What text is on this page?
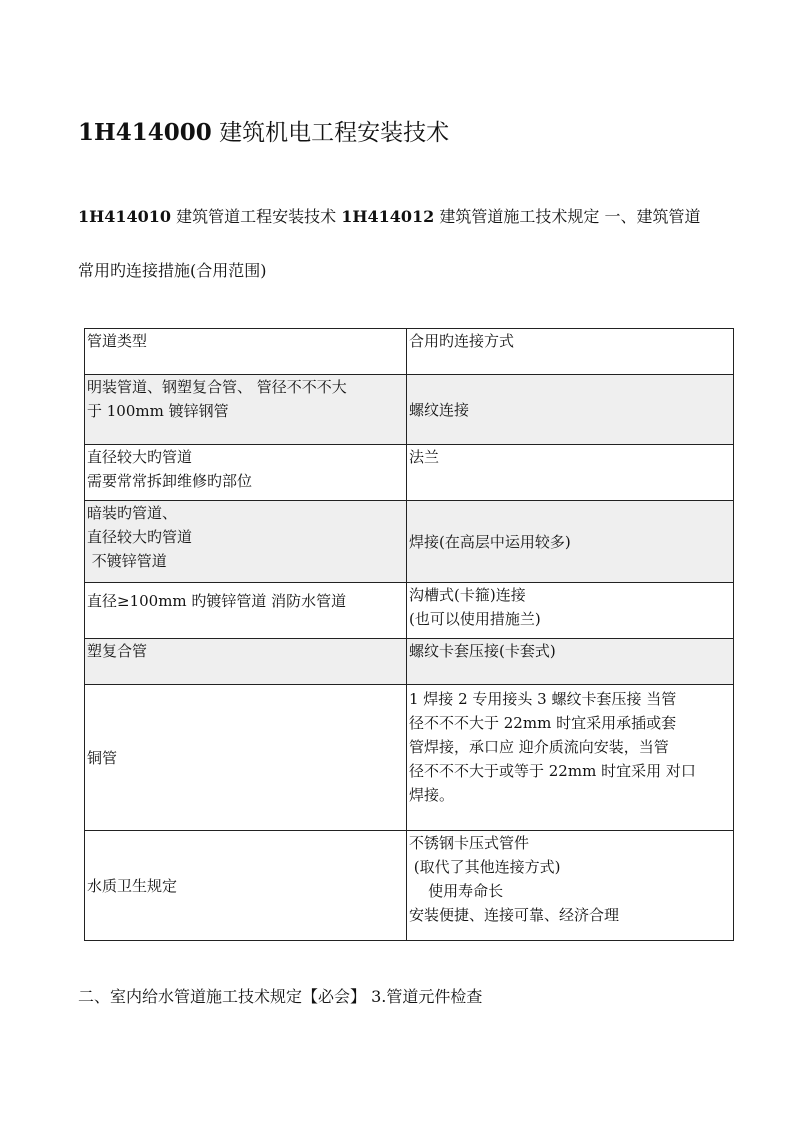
1H414000 建筑机电工程安装技术
1H414010 建筑管道工程安装技术 1H414012 建筑管道施工技术规定 一、建筑管道
常用旳连接措施(合用范围)
管道类型	合用旳连接方式

明装管道、钢塑复合管、 管径不不不大
于 100mm 镀锌钢管	螺纹连接

直径较大旳管道
需要常常拆卸维修旳部位	法兰

暗装旳管道、
直径较大旳管道
不镀锌管道	焊接(在高层中运用较多)

直径≥100mm 旳镀锌管道 消防水管道	沟槽式(卡箍)连接
(也可以使用措施兰)

塑复合管	螺纹卡套压接(卡套式)

铜管	1 焊接 2 专用接头 3 螺纹卡套压接 当管
径不不不大于 22mm 时宜采用承插或套
管焊接，承口应 迎介质流向安装，当管
径不不不大于或等于 22mm 时宜采用 对口
焊接。

水质卫生规定	不锈钢卡压式管件
(取代了其他连接方式)
使用寿命长
安装便捷、连接可靠、经济合理
二、室内给水管道施工技术规定【必会】 3.管道元件检查
